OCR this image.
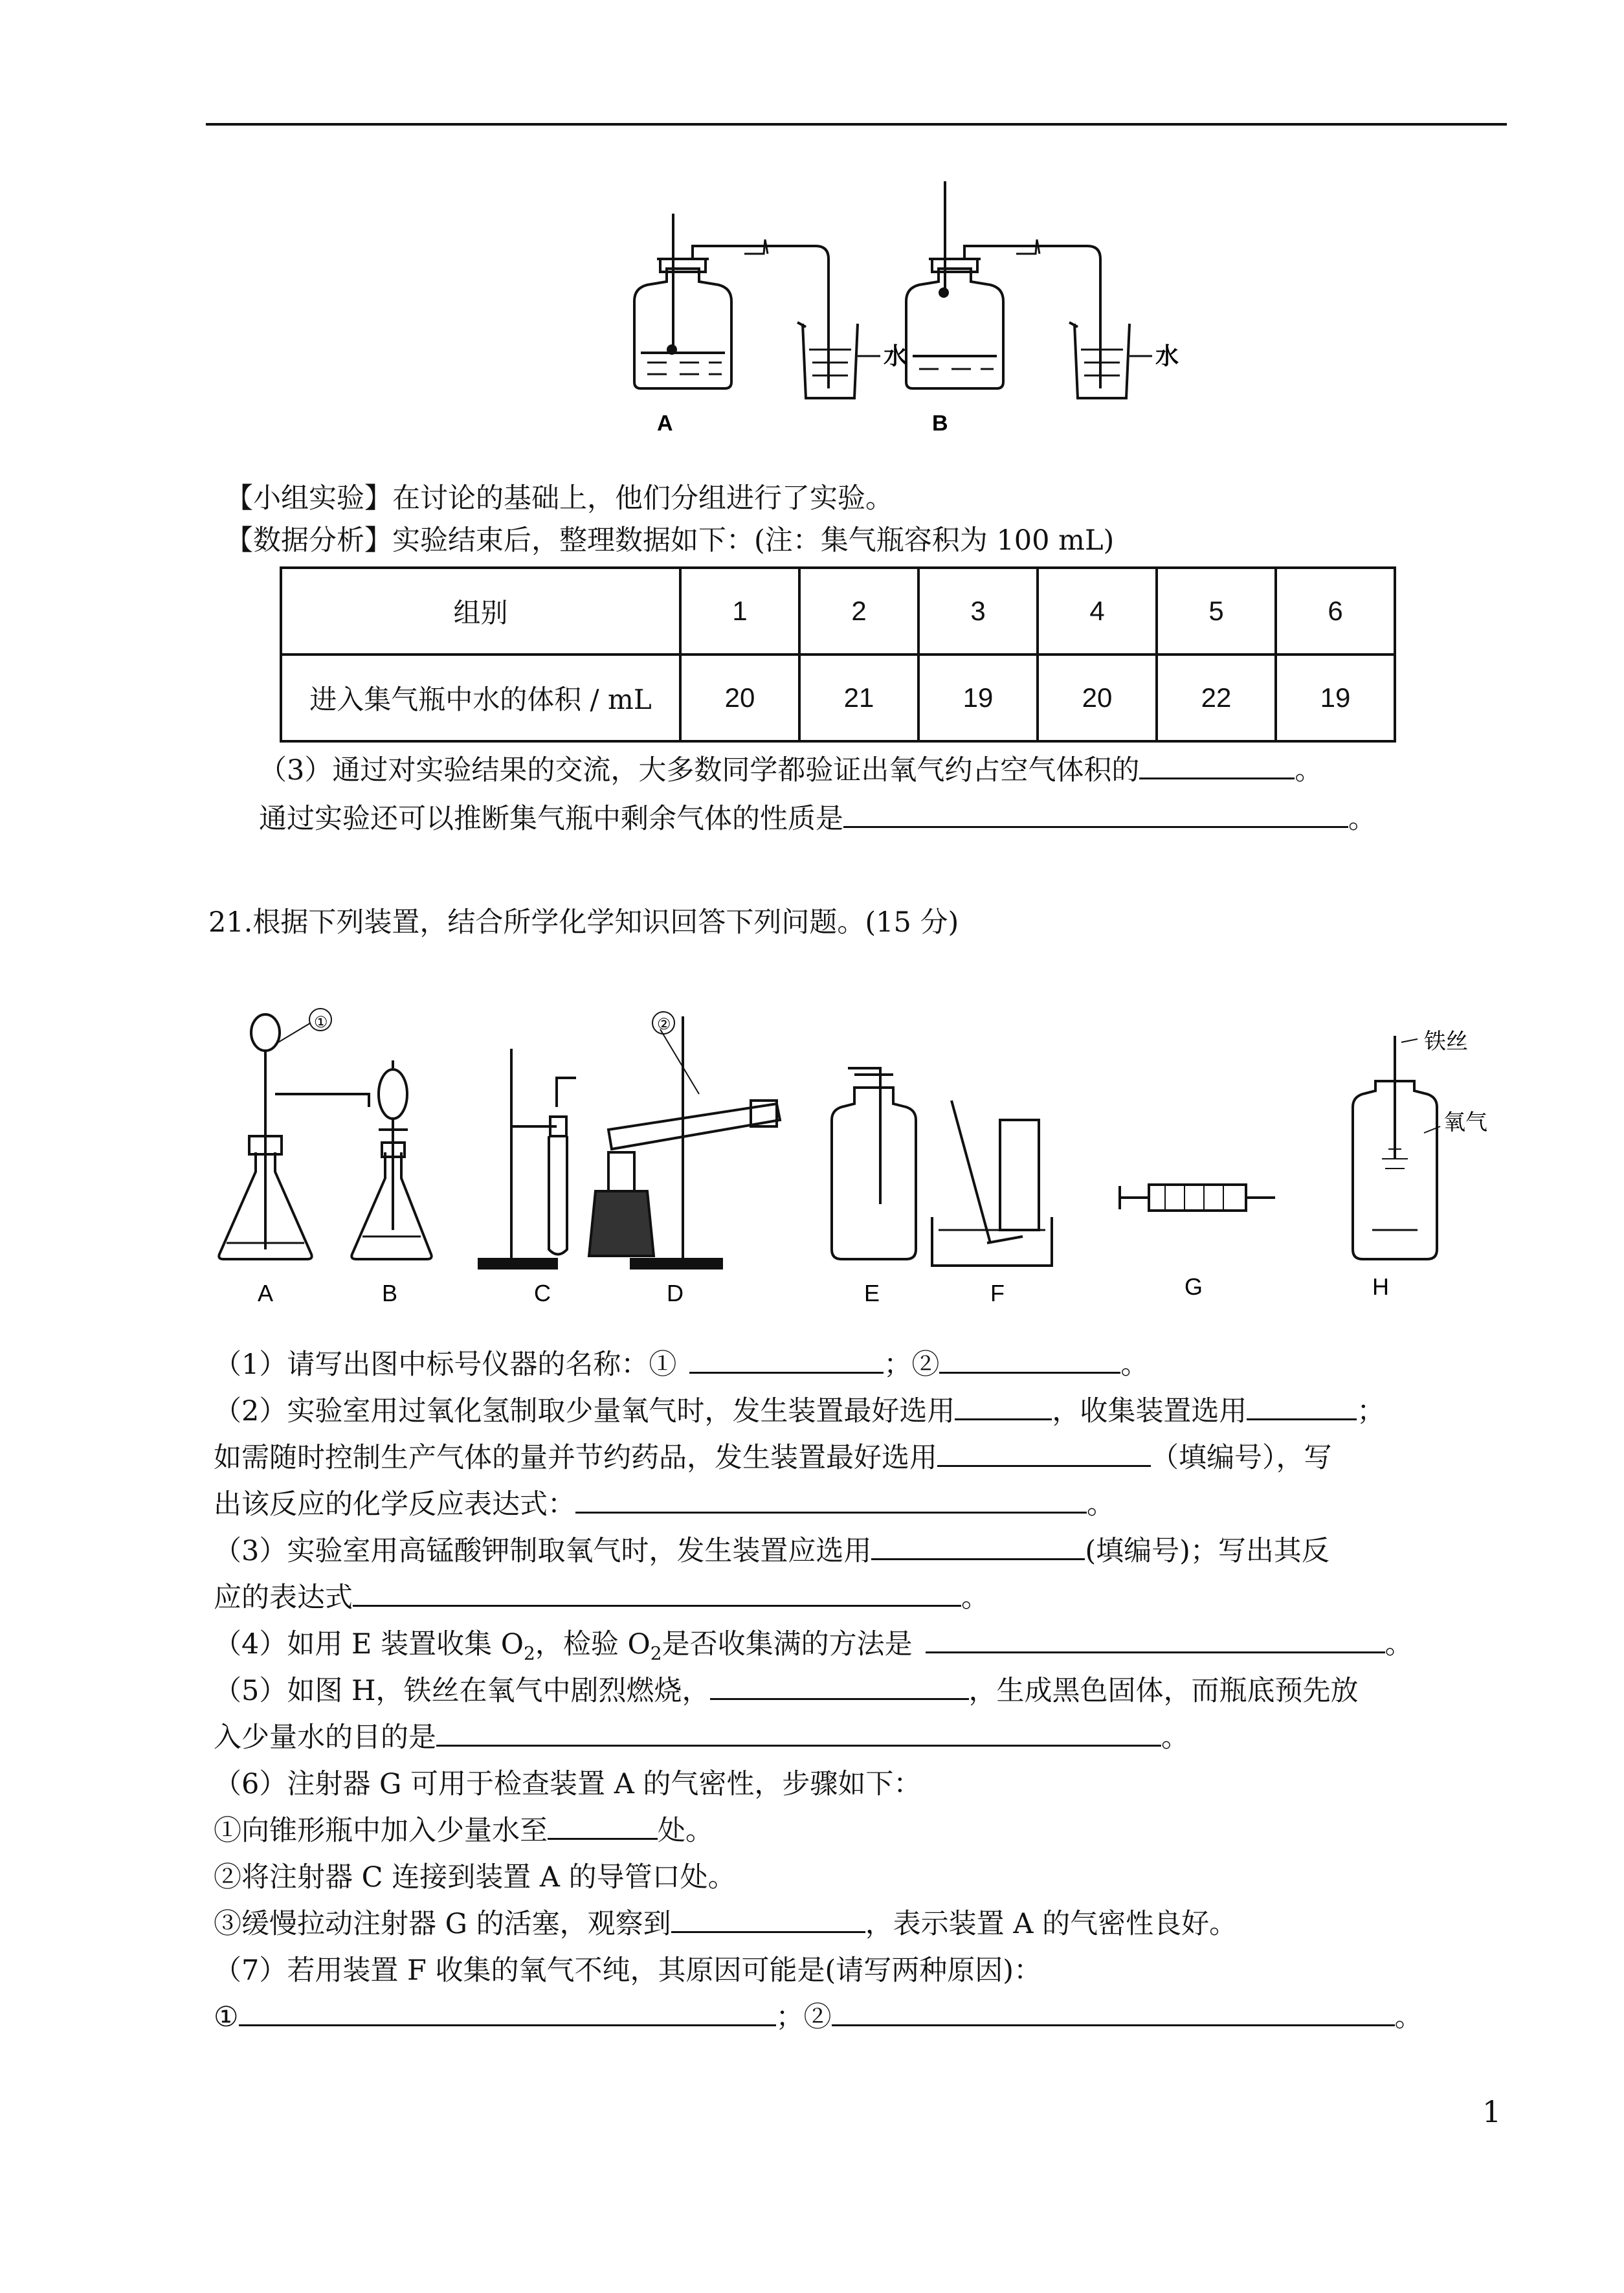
A	B
水	水
【小组实验】在讨论的基础上，他们分组进行了实验。
【数据分析】实验结束后，整理数据如下：(注：集气瓶容积为 100 mL)
组别	1	2	3	4	5	6
进入集气瓶中水的体积 / mL	20	21	19	20	22	19
（3）通过对实验结果的交流，大多数同学都验证出氧气约占空气体积的	。
通过实验还可以推断集气瓶中剩余气体的性质是	。
21.根据下列装置，结合所学化学知识回答下列问题。(15 分)
①	②
铁丝
氧气
A	B	C	D	E	F	G	H
（1）请写出图中标号仪器的名称：①	；②	。
（2）实验室用过氧化氢制取少量氧气时，发生装置最好选用	，收集装置选用	；
如需随时控制生产气体的量并节约药品，发生装置最好选用	（填编号），写
出该反应的化学反应表达式：	。
（3）实验室用高锰酸钾制取氧气时，发生装置应选用	(填编号)；写出其反
应的表达式	。
（4）如用 E 装置收集 $O_2$，检验 $O_2$是否收集满的方法是	。
（5）如图 H，铁丝在氧气中剧烈燃烧，	，生成黑色固体，而瓶底预先放
入少量水的目的是	。
（6）注射器 G 可用于检查装置 A 的气密性，步骤如下：
①向锥形瓶中加入少量水至	处。
②将注射器 C 连接到装置 A 的导管口处。
③缓慢拉动注射器 G 的活塞，观察到	，表示装置 A 的气密性良好。
（7）若用装置 F 收集的氧气不纯，其原因可能是(请写两种原因)：
①	；②	。
1
